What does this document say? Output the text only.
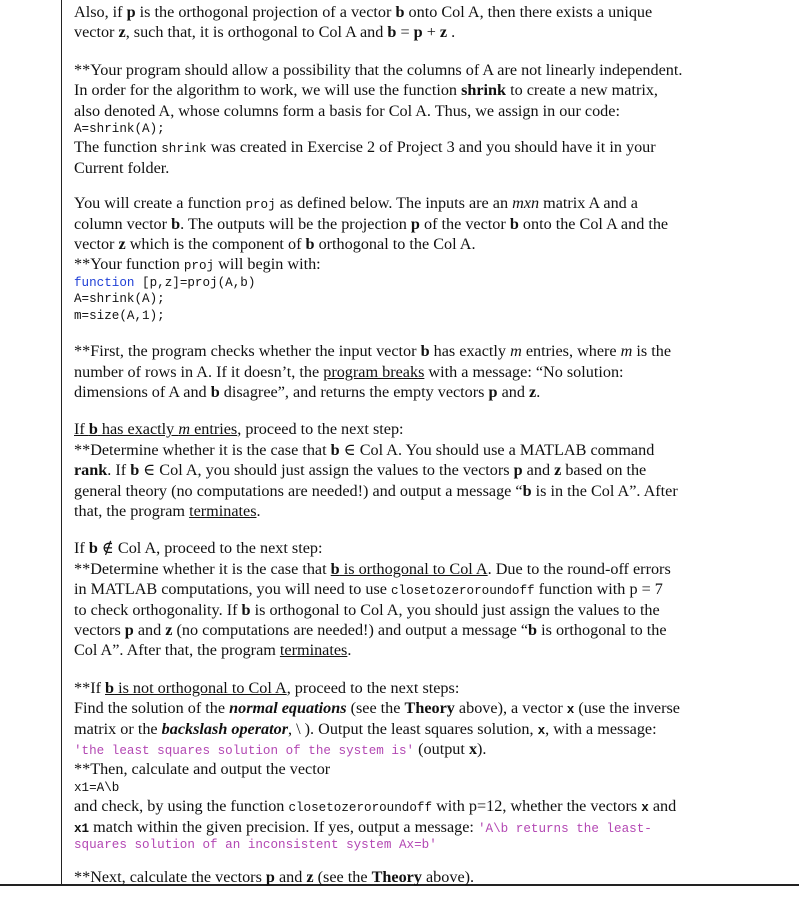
Also, if p is the orthogonal projection of a vector b onto Col A, then there exists a unique
vector z, such that, it is orthogonal to Col A and b = p + z .
**Your program should allow a possibility that the columns of A are not linearly independent.
In order for the algorithm to work, we will use the function shrink to create a new matrix,
also denoted A, whose columns form a basis for Col A. Thus, we assign in our code:
A=shrink(A);
The function shrink was created in Exercise 2 of Project 3 and you should have it in your
Current folder.
You will create a function proj as defined below. The inputs are an mxn matrix A and a
column vector b. The outputs will be the projection p of the vector b onto the Col A and the
vector z which is the component of b orthogonal to the Col A.
**Your function proj will begin with:
function [p,z]=proj(A,b)
A=shrink(A);
m=size(A,1);
**First, the program checks whether the input vector b has exactly m entries, where m is the
number of rows in A. If it doesn’t, the program breaks with a message: “No solution:
dimensions of A and b disagree”, and returns the empty vectors p and z.
If b has exactly m entries, proceed to the next step:
**Determine whether it is the case that b ∈ Col A. You should use a MATLAB command
rank. If b ∈ Col A, you should just assign the values to the vectors p and z based on the
general theory (no computations are needed!) and output a message “b is in the Col A”. After
that, the program terminates.
If b ∉ Col A, proceed to the next step:
**Determine whether it is the case that b is orthogonal to Col A. Due to the round-off errors
in MATLAB computations, you will need to use closetozeroroundoff function with p = 7
to check orthogonality. If b is orthogonal to Col A, you should just assign the values to the
vectors p and z (no computations are needed!) and output a message “b is orthogonal to the
Col A”. After that, the program terminates.
**If b is not orthogonal to Col A, proceed to the next steps:
Find the solution of the normal equations (see the Theory above), a vector x (use the inverse
matrix or the backslash operator, \ ). Output the least squares solution, x, with a message:
'the least squares solution of the system is' (output x).
**Then, calculate and output the vector
x1=A\b
and check, by using the function closetozeroroundoff with p=12, whether the vectors x and
x1 match within the given precision. If yes, output a message: 'A\b returns the least-
squares solution of an inconsistent system Ax=b'
**Next, calculate the vectors p and z (see the Theory above).
